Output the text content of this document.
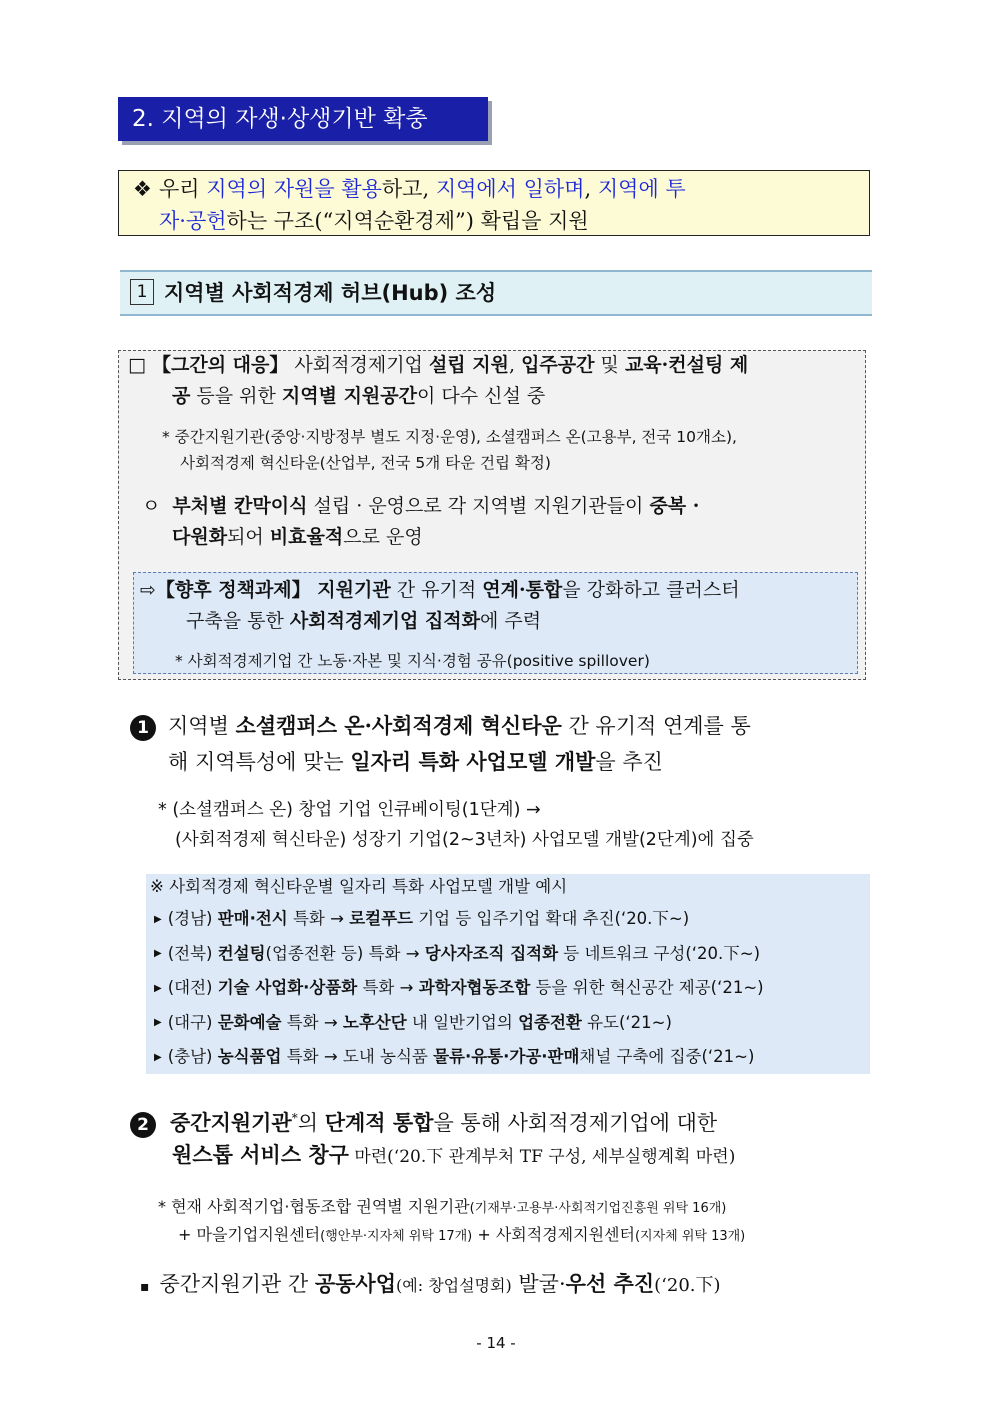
2. 지역의 자생·상생기반 확충
❖ 우리 지역의 자원을 활용하고, 지역에서 일하며, 지역에 투
자·공헌하는 구조(“지역순환경제”) 확립을 지원
1 지역별 사회적경제 허브(Hub) 조성
□ 【그간의 대응】 사회적경제기업 설립 지원, 입주공간 및 교육·컨설팅 제
공 등을 위한 지역별 지원공간이 다수 신설 중
* 중간지원기관(중앙·지방정부 별도 지정·운영), 소셜캠퍼스 온(고용부, 전국 10개소),
사회적경제 혁신타운(산업부, 전국 5개 타운 건립 확정)
ㅇ 부처별 칸막이식 설립 · 운영으로 각 지역별 지원기관들이 중복 ·
다원화되어 비효율적으로 운영
⇨【향후 정책과제】 지원기관 간 유기적 연계·통합을 강화하고 클러스터
구축을 통한 사회적경제기업 집적화에 주력
* 사회적경제기업 간 노동·자본 및 지식·경험 공유(positive spillover)
1 지역별 소셜캠퍼스 온·사회적경제 혁신타운 간 유기적 연계를 통
해 지역특성에 맞는 일자리 특화 사업모델 개발을 추진
* (소셜캠퍼스 온) 창업 기업 인큐베이팅(1단계) →
(사회적경제 혁신타운) 성장기 기업(2~3년차) 사업모델 개발(2단계)에 집중
※ 사회적경제 혁신타운별 일자리 특화 사업모델 개발 예시
▶ (경남) 판매·전시 특화 → 로컬푸드 기업 등 입주기업 확대 추진(‘20.下~)
▶ (전북) 컨설팅(업종전환 등) 특화 → 당사자조직 집적화 등 네트워크 구성(‘20.下~)
▶ (대전) 기술 사업화·상품화 특화 → 과학자협동조합 등을 위한 혁신공간 제공(‘21~)
▶ (대구) 문화예술 특화 → 노후산단 내 일반기업의 업종전환 유도(‘21~)
▶ (충남) 농식품업 특화 → 도내 농식품 물류·유통·가공·판매채널 구축에 집중(‘21~)
2 중간지원기관*의 단계적 통합을 통해 사회적경제기업에 대한
원스톱 서비스 창구 마련(‘20.下 관계부처 TF 구성, 세부실행계획 마련)
* 현재 사회적기업·협동조합 권역별 지원기관(기재부·고용부·사회적기업진흥원 위탁 16개)
+ 마을기업지원센터(행안부·지자체 위탁 17개) + 사회적경제지원센터(지자체 위탁 13개)
▪ 중간지원기관 간 공동사업(예: 창업설명회) 발굴·우선 추진(‘20.下)
- 14 -
